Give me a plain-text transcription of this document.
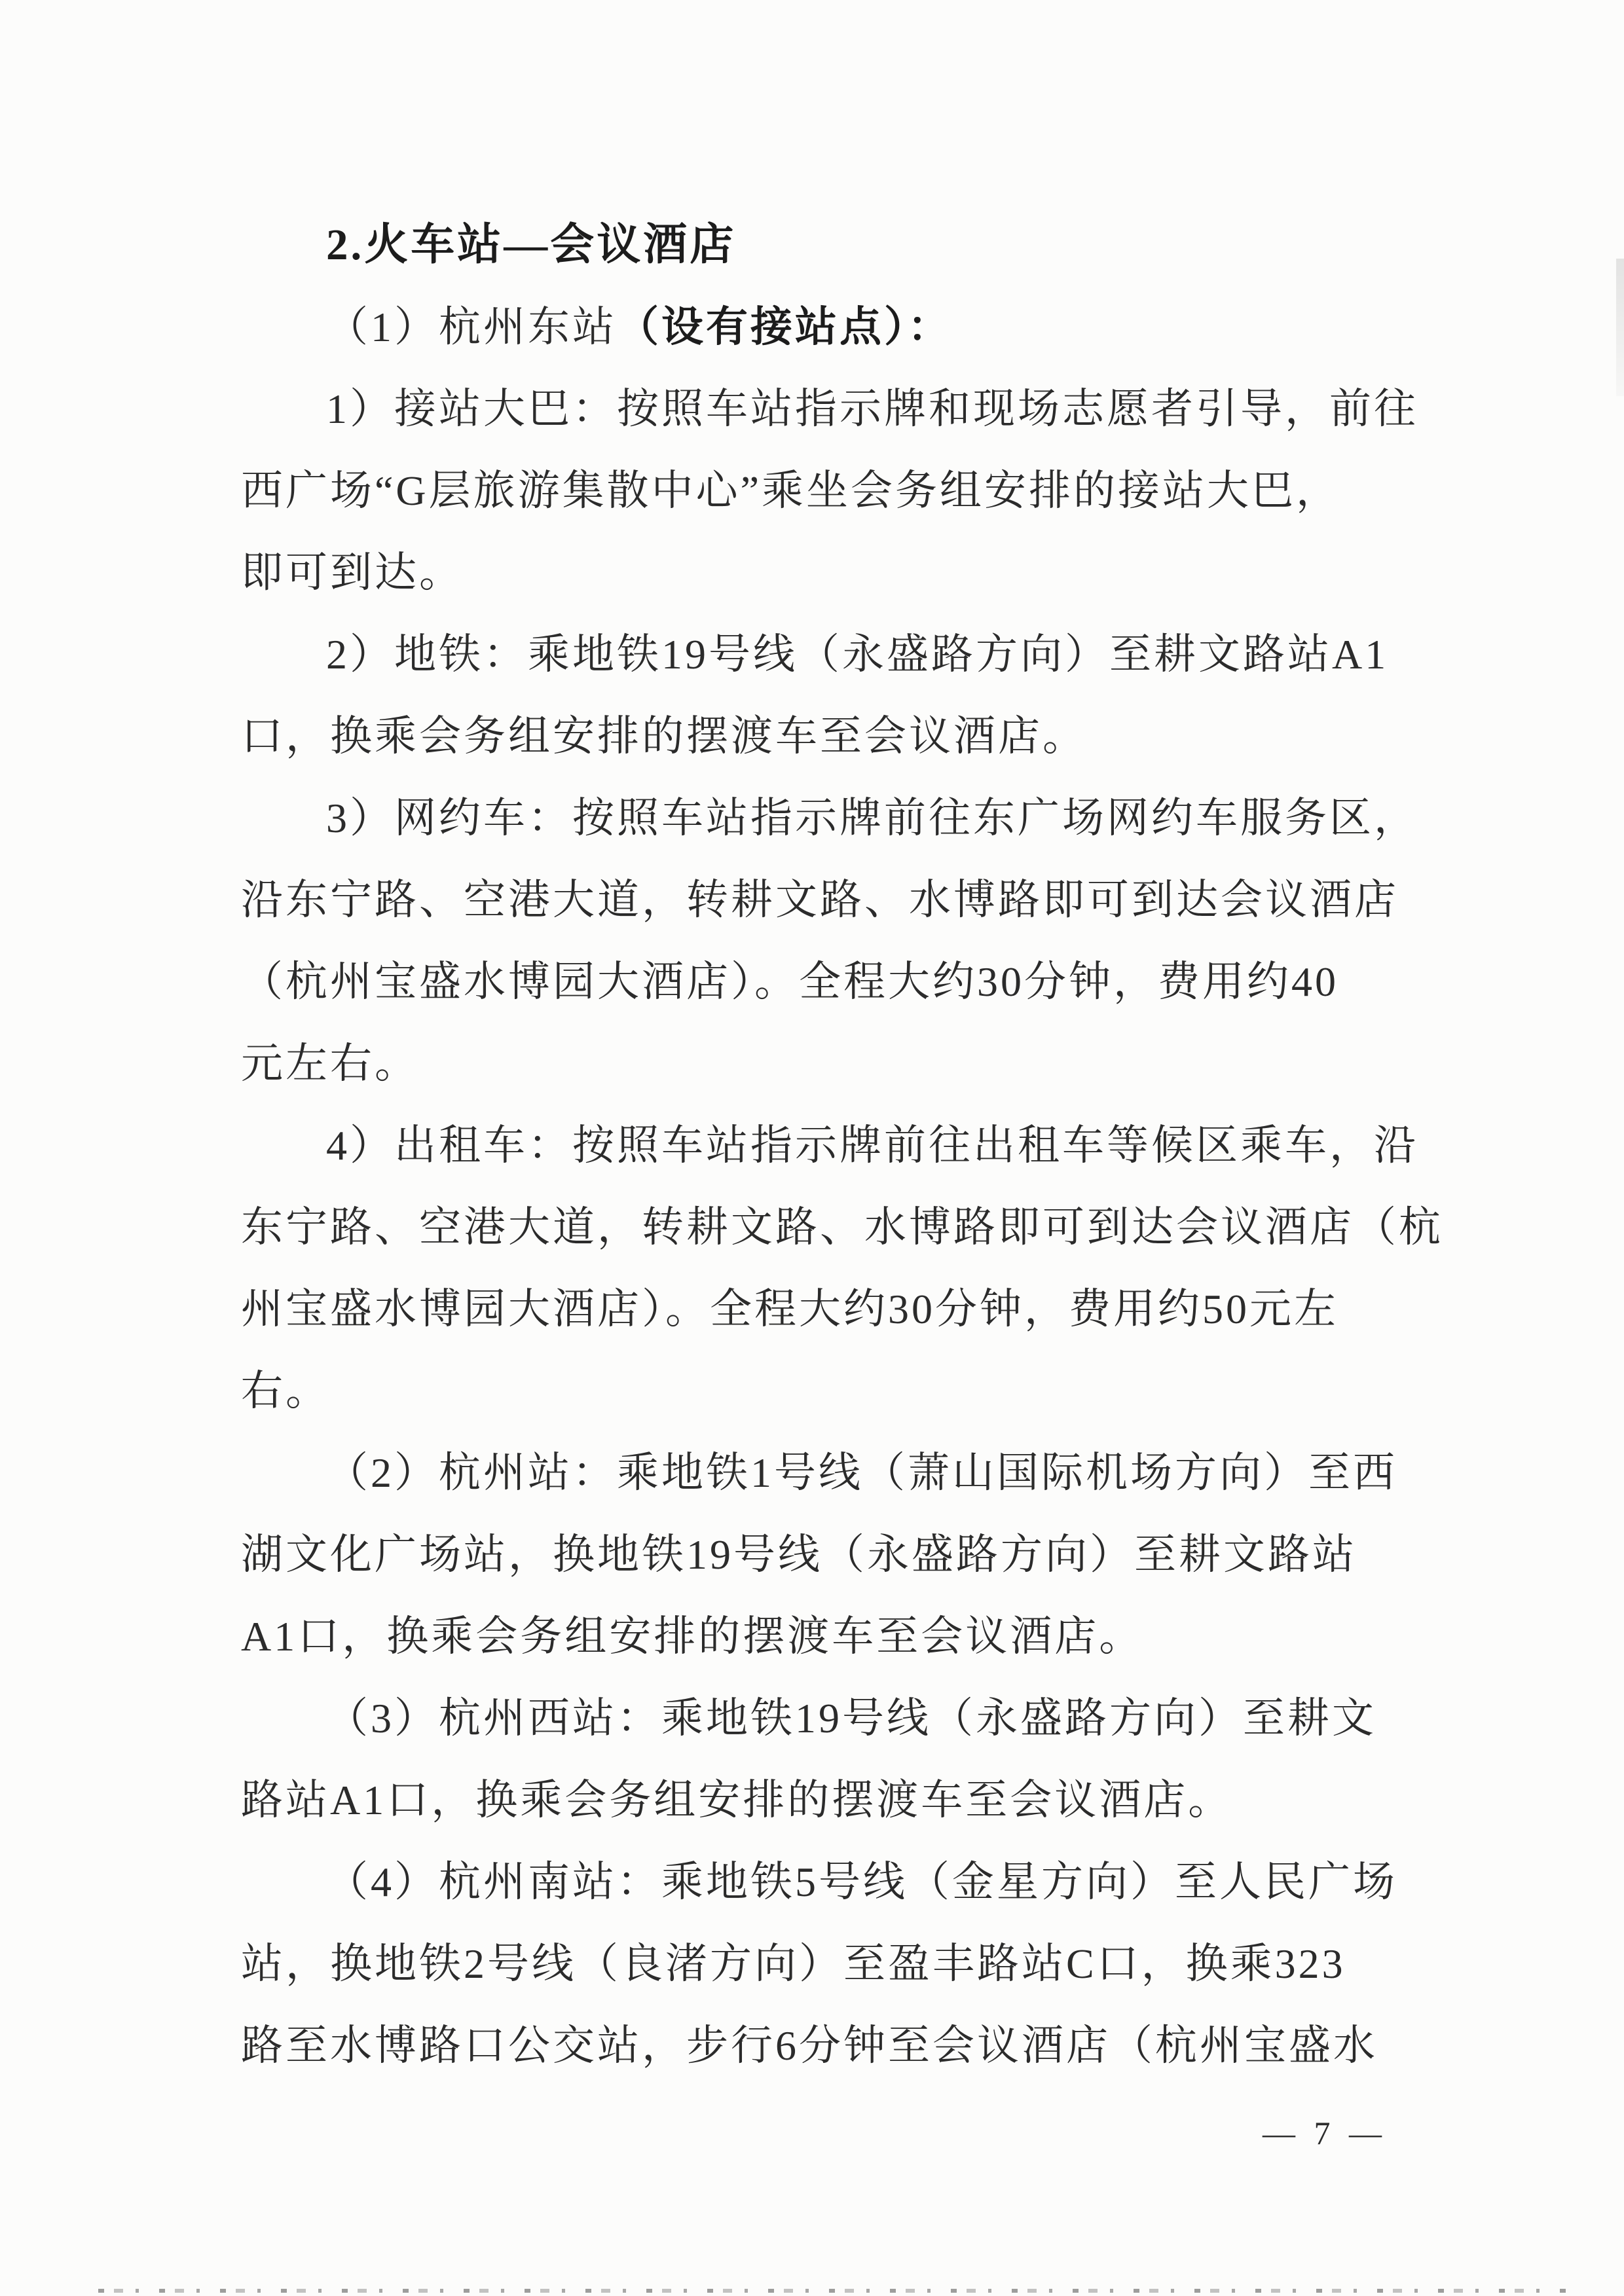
2.火车站—会议酒店

（1）杭州东站（设有接站点）：

1）接站大巴：按照车站指示牌和现场志愿者引导，前往

西广场“G层旅游集散中心”乘坐会务组安排的接站大巴，

即可到达。

2）地铁：乘地铁19号线（永盛路方向）至耕文路站A1

口，换乘会务组安排的摆渡车至会议酒店。

3）网约车：按照车站指示牌前往东广场网约车服务区，

沿东宁路、空港大道，转耕文路、水博路即可到达会议酒店

（杭州宝盛水博园大酒店）。全程大约30分钟，费用约40

元左右。

4）出租车：按照车站指示牌前往出租车等候区乘车，沿

东宁路、空港大道，转耕文路、水博路即可到达会议酒店（杭

州宝盛水博园大酒店）。全程大约30分钟，费用约50元左

右。

（2）杭州站：乘地铁1号线（萧山国际机场方向）至西

湖文化广场站，换地铁19号线（永盛路方向）至耕文路站

A1口，换乘会务组安排的摆渡车至会议酒店。

（3）杭州西站：乘地铁19号线（永盛路方向）至耕文

路站A1口，换乘会务组安排的摆渡车至会议酒店。

（4）杭州南站：乘地铁5号线（金星方向）至人民广场

站，换地铁2号线（良渚方向）至盈丰路站C口，换乘323

路至水博路口公交站，步行6分钟至会议酒店（杭州宝盛水

— 7 —
